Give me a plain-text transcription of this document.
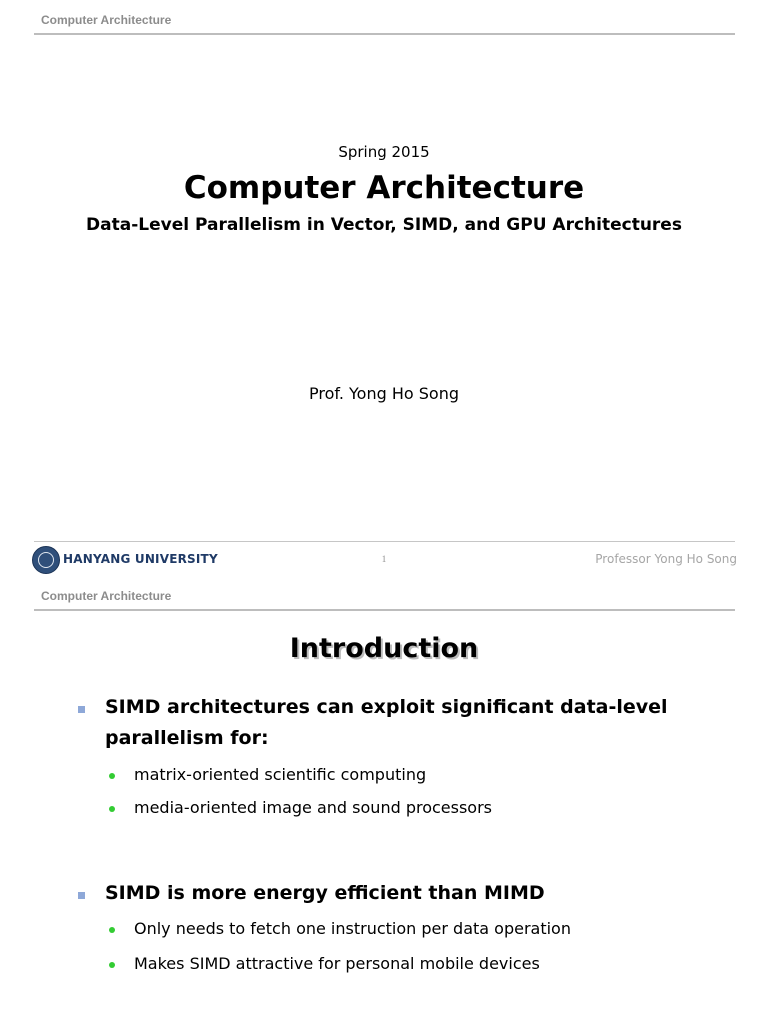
Computer Architecture
Spring 2015
Computer Architecture
Data-Level Parallelism in Vector, SIMD, and GPU Architectures
Prof. Yong Ho Song
HANYANG UNIVERSITY	1	Professor Yong Ho Song
Computer Architecture
Introduction
SIMD architectures can exploit significant data-level
parallelism for:
matrix-oriented scientific computing
media-oriented image and sound processors
SIMD is more energy efficient than MIMD
Only needs to fetch one instruction per data operation
Makes SIMD attractive for personal mobile devices
